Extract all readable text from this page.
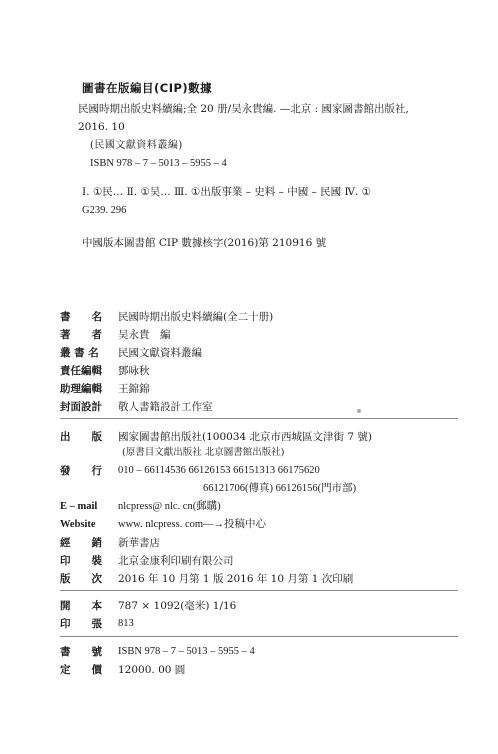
圖書在版編目(CIP)數據
民國時期出版史料續編;全 20 册/吴永貴編. —北京 : 國家圖書館出版社,
2016. 10
(民國文獻資料叢編)
ISBN 978 – 7 – 5013 – 5955 – 4
Ⅰ. ①民… Ⅱ. ①吴… Ⅲ. ①出版事業 – 史料 – 中國 – 民國 Ⅳ. ①
G239. 296
中國版本圖書館 CIP 數據核字(2016)第 210916 號
書　　名 民國時期出版史料續編(全二十册)
著　　者 吴永貴　編
叢 書 名 民國文獻資料叢編
責任編輯 鄧咏秋
助理編輯 王錦錦
封面設計 敬人書籍設計工作室
出　　版 國家圖書館出版社(100034 北京市西城區文津街 7 號)
(原書目文獻出版社 北京圖書館出版社)
發　　行 010 – 66114536 66126153 66151313 66175620
66121706(傳真) 66126156(門市部)
E – mail nlcpress@ nlc. cn(郵購)
Website www. nlcpress. com—→投稿中心
經　　銷 新華書店
印　　裝 北京金康利印刷有限公司
版　　次 2016 年 10 月第 1 版 2016 年 10 月第 1 次印刷
開　　本 787 × 1092(毫米) 1/16
印　　張 813
書　　號 ISBN 978 – 7 – 5013 – 5955 – 4
定　　價 12000. 00 圓
